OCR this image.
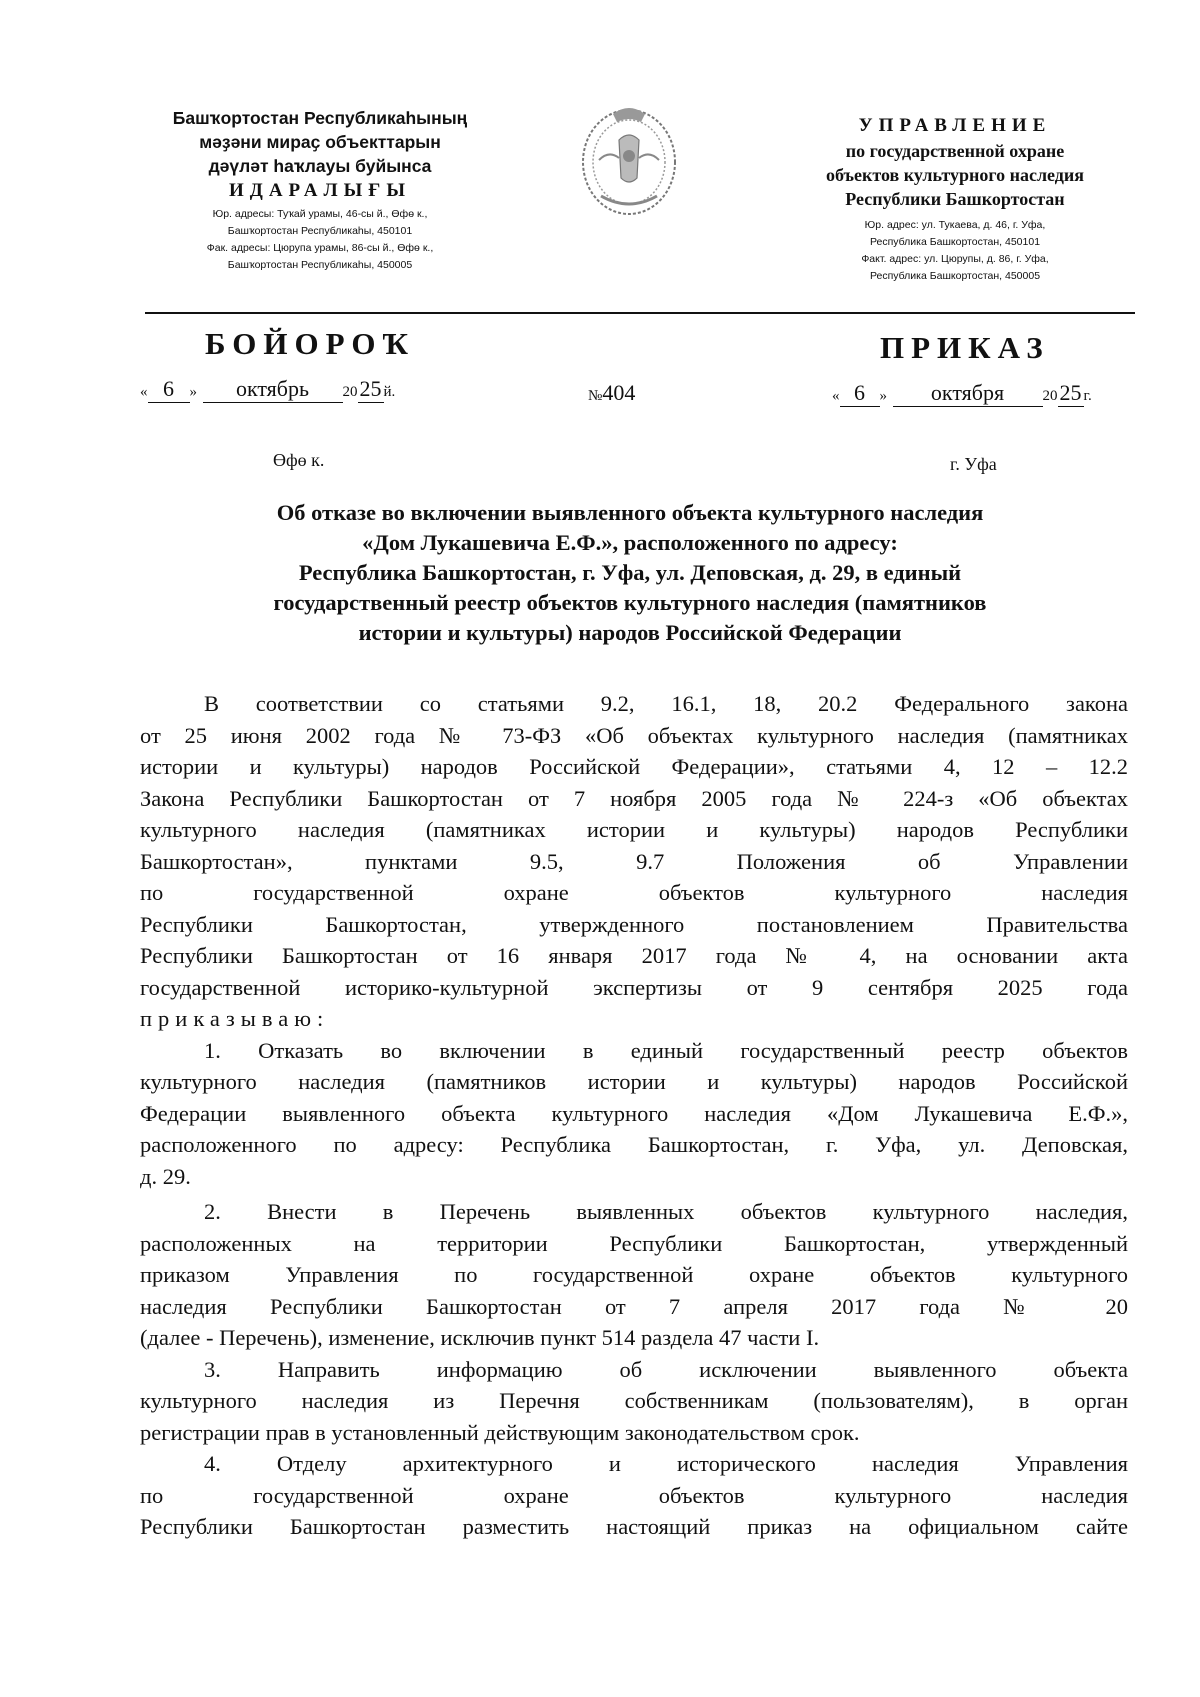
Башҡортостан Республикаһының
мәҙәни мираҫ объекттарын
дәүләт һаҡлауы буйынса
ИДАРАЛЫҒЫ
Юр. адресы: Туҡай урамы, 46-сы й., Өфө к.,
Башҡортостан Республикаһы, 450101
Фак. адресы: Цюрупа урамы, 86-сы й., Өфө к.,
Башҡортостан Республикаһы, 450005
УПРАВЛЕНИЕ
по государственной охране
объектов культурного наследия
Республики Башкортостан
Юр. адрес: ул. Тукаева, д. 46, г. Уфа,
Республика Башкортостан, 450101
Факт. адрес: ул. Цюрупы, д. 86, г. Уфа,
Республика Башкортостан, 450005
БОЙОРОҠ	ПРИКАЗ
« 6 » октябрь 2025 й.	№404	« 6 » октября	2025 г.
Өфө к.	г. Уфа
Об отказе во включении выявленного объекта культурного наследия
«Дом Лукашевича Е.Ф.», расположенного по адресу:
Республика Башкортостан, г. Уфа, ул. Деповская, д. 29, в единый
государственный реестр объектов культурного наследия (памятников
истории и культуры) народов Российской Федерации

В соответствии со статьями 9.2, 16.1, 18, 20.2 Федерального закона

от 25 июня 2002 года № 73-ФЗ «Об объектах культурного наследия (памятниках

истории и культуры) народов Российской Федерации», статьями 4, 12 – 12.2

Закона Республики Башкортостан от 7 ноября 2005 года № 224-з «Об объектах

культурного наследия (памятниках истории и культуры) народов Республики

Башкортостан», пунктами 9.5, 9.7 Положения об Управлении

по государственной охране объектов культурного наследия

Республики Башкортостан, утвержденного постановлением Правительства

Республики Башкортостан от 16 января 2017 года № 4, на основании акта

государственной историко-культурной экспертизы от 9 сентября 2025 года

приказываю:

1. Отказать во включении в единый государственный реестр объектов

культурного наследия (памятников истории и культуры) народов Российской

Федерации выявленного объекта культурного наследия «Дом Лукашевича Е.Ф.»,

расположенного по адресу: Республика Башкортостан, г. Уфа, ул. Деповская,

д. 29.

2. Внести в Перечень выявленных объектов культурного наследия,

расположенных на территории Республики Башкортостан, утвержденный

приказом Управления по государственной охране объектов культурного

наследия Республики Башкортостан от 7 апреля 2017 года № 20

(далее - Перечень), изменение, исключив пункт 514 раздела 47 части I.

3. Направить информацию об исключении выявленного объекта

культурного наследия из Перечня собственникам (пользователям), в орган

регистрации прав в установленный действующим законодательством срок.

4. Отделу архитектурного и исторического наследия Управления

по государственной охране объектов культурного наследия

Республики Башкортостан разместить настоящий приказ на официальном сайте
